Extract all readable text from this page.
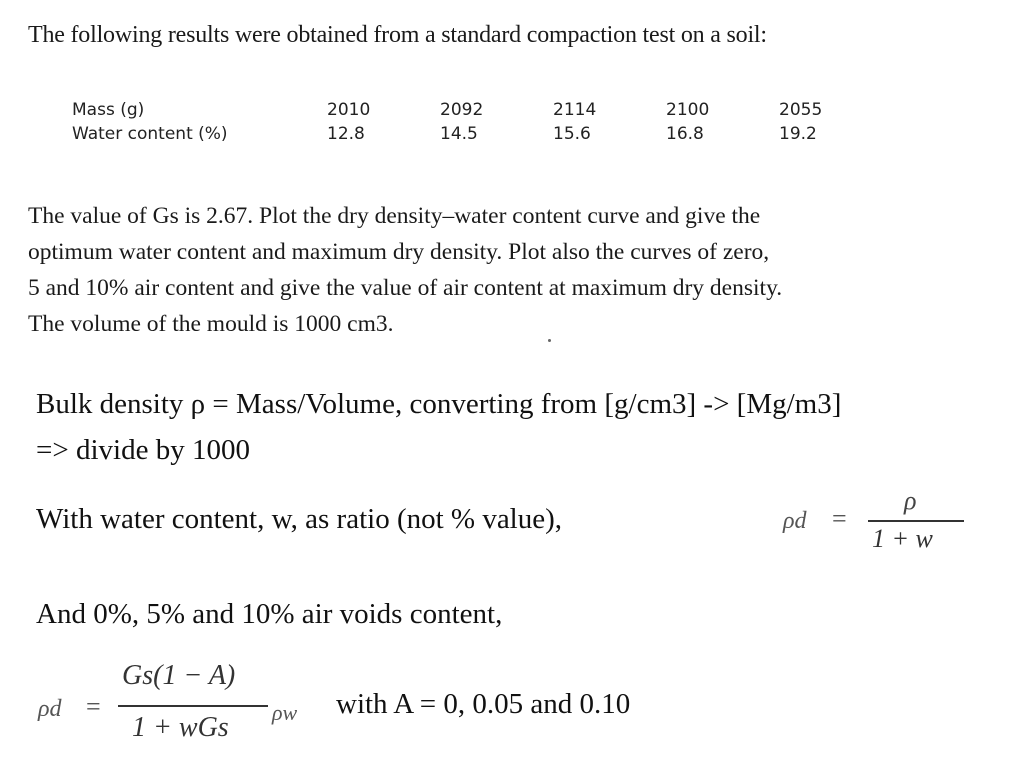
The following results were obtained from a standard compaction test on a soil:
Mass (g)	2010	2092	2114	2100	2055
Water content (%)	12.8	14.5	15.6	16.8	19.2
The value of Gs is 2.67. Plot the dry density–water content curve and give the
optimum water content and maximum dry density. Plot also the curves of zero,
5 and 10% air content and give the value of air content at maximum dry density.
The volume of the mould is 1000 cm3.
Bulk density ρ = Mass/Volume, converting from [g/cm3] -> [Mg/m3]
=> divide by 1000
With water content, w, as ratio (not % value),	ρd =
ρ
1 + w
And 0%, 5% and 10% air voids content,
ρd =
Gs(1 − A)
1 + wGs ρw with A = 0, 0.05 and 0.10
